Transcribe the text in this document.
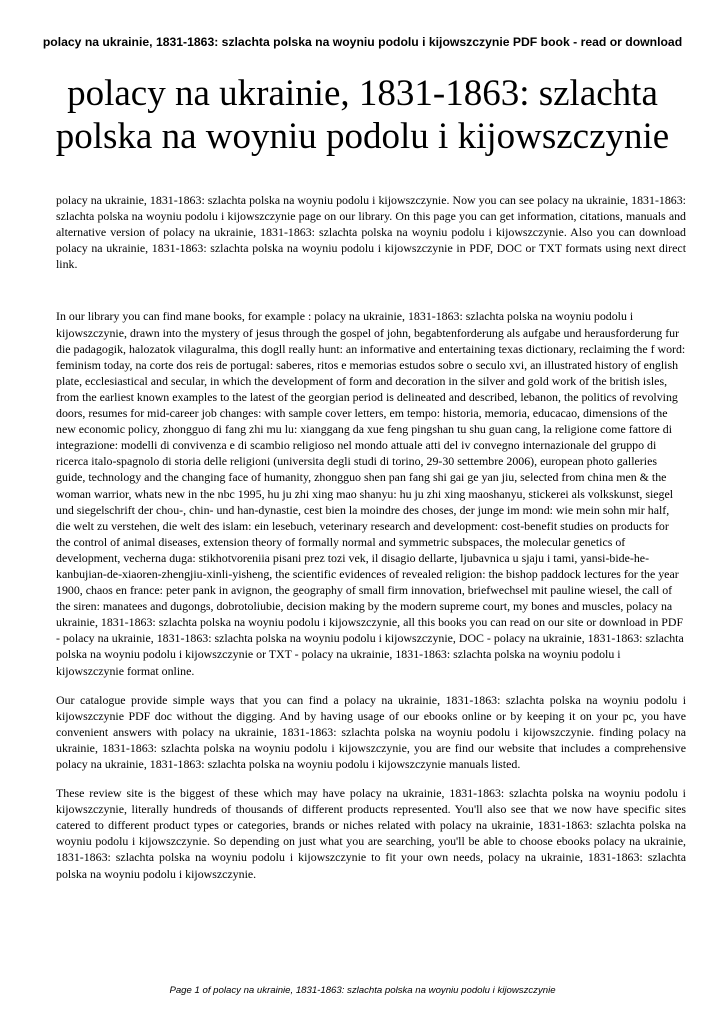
polacy na ukrainie, 1831-1863: szlachta polska na woyniu podolu i kijowszczynie PDF book - read or download
polacy na ukrainie, 1831-1863: szlachta
polska na woyniu podolu i kijowszczynie

polacy na ukrainie, 1831-1863: szlachta polska na woyniu podolu i kijowszczynie. Now you can see polacy na ukrainie, 1831-1863: szlachta polska na woyniu podolu i kijowszczynie page on our library. On this page you can get information, citations, manuals and alternative version of polacy na ukrainie, 1831-1863: szlachta polska na woyniu podolu i kijowszczynie. Also you can download polacy na ukrainie, 1831-1863: szlachta polska na woyniu podolu i kijowszczynie in PDF, DOC or TXT formats using next direct link.

In our library you can find mane books, for example : polacy na ukrainie, 1831-1863: szlachta polska na woyniu podolu i kijowszczynie, drawn into the mystery of jesus through the gospel of john, begabtenforderung als aufgabe und herausforderung fur die padagogik, halozatok vilaguralma, this dogll really hunt: an informative and entertaining texas dictionary, reclaiming the f word: feminism today, na corte dos reis de portugal: saberes, ritos e memorias estudos sobre o seculo xvi, an illustrated history of english plate, ecclesiastical and secular, in which the development of form and decoration in the silver and gold work of the british isles, from the earliest known examples to the latest of the georgian period is delineated and described, lebanon, the politics of revolving doors, resumes for mid-career job changes: with sample cover letters, em tempo: historia, memoria, educacao, dimensions of the new economic policy, zhongguo di fang zhi mu lu: xianggang da xue feng pingshan tu shu guan cang, la religione come fattore di integrazione: modelli di convivenza e di scambio religioso nel mondo attuale atti del iv convegno internazionale del gruppo di ricerca italo-spagnolo di storia delle religioni (universita degli studi di torino, 29-30 settembre 2006), european photo galleries guide, technology and the changing face of humanity, zhongguo shen pan fang shi gai ge yan jiu, selected from china men & the woman warrior, whats new in the nbc 1995, hu ju zhi xing mao shanyu: hu ju zhi xing maoshanyu, stickerei als volkskunst, siegel und siegelschrift der chou-, chin- und han-dynastie, cest bien la moindre des choses, der junge im mond: wie mein sohn mir half, die welt zu verstehen, die welt des islam: ein lesebuch, veterinary research and development: cost-benefit studies on products for the control of animal diseases, extension theory of formally normal and symmetric subspaces, the molecular genetics of development, vecherna duga: stikhotvoreniia pisani prez tozi vek, il disagio dellarte, ljubavnica u sjaju i tami, yansi-bide-he-kanbujian-de-xiaoren-zhengjiu-xinli-yisheng, the scientific evidences of revealed religion: the bishop paddock lectures for the year 1900, chaos en france: peter pank in avignon, the geography of small firm innovation, briefwechsel mit pauline wiesel, the call of the siren: manatees and dugongs, dobrotoliubie, decision making by the modern supreme court, my bones and muscles, polacy na ukrainie, 1831-1863: szlachta polska na woyniu podolu i kijowszczynie, all this books you can read on our site or download in PDF - polacy na ukrainie, 1831-1863: szlachta polska na woyniu podolu i kijowszczynie, DOC - polacy na ukrainie, 1831-1863: szlachta polska na woyniu podolu i kijowszczynie or TXT - polacy na ukrainie, 1831-1863: szlachta polska na woyniu podolu i kijowszczynie format online.

Our catalogue provide simple ways that you can find a polacy na ukrainie, 1831-1863: szlachta polska na woyniu podolu i kijowszczynie PDF doc without the digging. And by having usage of our ebooks online or by keeping it on your pc, you have convenient answers with polacy na ukrainie, 1831-1863: szlachta polska na woyniu podolu i kijowszczynie. finding polacy na ukrainie, 1831-1863: szlachta polska na woyniu podolu i kijowszczynie, you are find our website that includes a comprehensive polacy na ukrainie, 1831-1863: szlachta polska na woyniu podolu i kijowszczynie manuals listed.

These review site is the biggest of these which may have polacy na ukrainie, 1831-1863: szlachta polska na woyniu podolu i kijowszczynie, literally hundreds of thousands of different products represented. You'll also see that we now have specific sites catered to different product types or categories, brands or niches related with polacy na ukrainie, 1831-1863: szlachta polska na woyniu podolu i kijowszczynie. So depending on just what you are searching, you'll be able to choose ebooks polacy na ukrainie, 1831-1863: szlachta polska na woyniu podolu i kijowszczynie to fit your own needs, polacy na ukrainie, 1831-1863: szlachta polska na woyniu podolu i kijowszczynie.

Page 1 of polacy na ukrainie, 1831-1863: szlachta polska na woyniu podolu i kijowszczynie
